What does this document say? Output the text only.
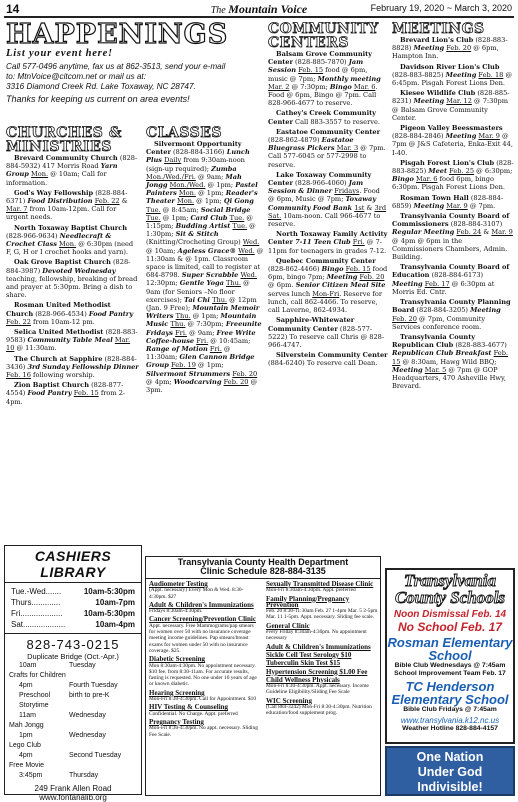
14	The Mountain Voice	February 19, 2020 ~ March 3, 2020
HAPPENINGS
List your event here!
Call 577-0496 anytime, fax us at 862-3513, send your e-mail
to: MtnVoice@citcom.net or mail us at:
3316 Diamond Creek Rd. Lake Toxaway, NC 28747.
Thanks for keeping us current on area events!
CHURCHES & MINISTRIES

Brevard Community Church (828-884-5932) 417 Morris Road Yarn Group Mon. @ 10am; Call for information.

God's Way Fellowship (828-884-6371) Food Distribution Feb. 22 & Mar. 7 from 10am-12pm. Call for urgent needs.

North Toxaway Baptist Church (828-966-9634) Needlecraft & Crochet Class Mon. @ 6:30pm (need F, G, H or I crochet hooks and yarn).

Oak Grove Baptist Church (828-884-3987) Devoted Wednesday teaching, fellowship, breaking of bread and prayer at 5:30pm. Bring a dish to share.

Rosman United Methodist Church (828-966-4534) Food Pantry Feb. 22 from 10am-12 pm.

Selica United Methodist (828-883-9583) Community Table Meal Mar. 10 @ 11:30am.

The Church at Sapphire (828-884-3436) 3rd Sunday Fellowship Dinner Feb. 16 following worship.

Zion Baptist Church (828-877-4554) Food Pantry Feb. 15 from 2-4pm.

CLASSES

Silvermont Opportunity Center (828-884-3166) Lunch Plus Daily from 9:30am-noon (sign-up required); Zumba Mon./Wed./Fri. @ 9am; Mah Jongg Mon./Wed. @ 1pm; Pastel Painters Mon. @ 1pm; Reader's Theater Mon. @ 1pm; Qi Gong Tue. @ 8:45am; Social Bridge Tue. @ 1pm; Card Club Tue. @ 1:15pm; Budding Artist Tue. @ 1:30pm; Sit & Stitch (Knitting/Crocheting Group) Wed. @ 10am; Ageless Grace® Wed. @ 11:30am & @ 1pm. Classroom space is limited, call to register at 684-8798. Super Scrabble Wed. 12:30pm; Gentle Yoga Thu. @ 9am (for Seniors –No floor exercises); Tai Chi Thu. @ 12pm (Jan. 9 Free); Mountain Memoir Writers Thu. @ 1pm; Mountain Music Thu. @ 7:30pm; Freeunite Fridays Fri. @ 9am; Free Write Coffee-house Fri. @ 10:45am; Range of Motion Fri. @ 11:30am; Glen Cannon Bridge Group Feb. 19 @ 1pm; Silvermont Strummers Feb. 20 @ 4pm; Woodcarving Feb. 20 @ 3pm.

COMMUNITY CENTERS

Balsam Grove Community Center (828-885-7870) Jam Session Feb. 15 food @ 6pm, music @ 7pm; Monthly meeting Mar. 2 @ 7:30pm; Bingo Mar. 6. Food @ 6pm, Bingo @ 7pm. Call 828-966-4677 to reserve.

Cathey's Creek Community Center Call 883-3557 to reserve.

Eastatoe Community Center (828-862-4879) Eastatoe Bluegrass Pickers Mar. 3 @ 7pm. Call 577-6045 or 577-2998 to reserve.

Lake Toxaway Community Center (828-966-4060) Jam Session & Dinner Fridays. Food @ 6pm, Music @ 7pm; Toxaway Community Food Bank 1st & 3rd Sat. 10am-noon. Call 966-4677 to reserve.

North Toxaway Family Activity Center 7-11 Teen Club Fri. @ 7-11pm for teenagers in grades 7-12.

Quebec Community Center (828-862-4466) Bingo Feb. 15 food 6pm, bingo 7pm; Meeting Feb. 20 @ 6pm. Senior Citizen Meal Site serves lunch Mon-Fri. Reserve for lunch, call 862-4466. To reserve, call Laverne, 862-4934.

Sapphire-Whitewater Community Center (828-577-5222) To reserve call Chris @ 828-966-4747.

Silverstein Community Center (884-6240) To reserve call Dean.

MEETINGS

Brevard Lion's Club (828-883-8828) Meeting Feb. 20 @ 6pm, Hampton Inn.

Davidson River Lion's Club (828-883-8825) Meeting Feb. 18 @ 6:45pm. Pisgah Forest Lions Den.

Kiesee Wildlife Club (828-885-8231) Meeting Mar. 12 @ 7:30pm @ Balsam Grove Community Center.

Pigeon Valley Beessmasters (828-884-2846) Meeting Mar. 9 @ 7pm @ J&S Cafeteria, Enka-Exit 44, I-40.

Pisgah Forest Lion's Club (828-883-8825) Meet Feb. 25 @ 6:30pm; Bingo Mar. 6 food 6pm, bingo 6:30pm. Pisgah Forest Lions Den.

Rosman Town Hall (828-884-6859) Meeting Mar. 9 @ 7pm.

Transylvania County Board of Commissioners (828-884-3107) Regular Meeting Feb. 24 & Mar. 9 @ 4pm @ 6pm in the Commissioners Chambers, Admin. Building.

Transylvania County Board of Education (828-884-6173) Meeting Feb. 17 @ 6:30pm at Morris Ed. Cntr.

Transylvania County Planning Board (828-884-3205) Meeting Feb. 20 @ 7pm, Community Services conference room.

Transylvania County Republican Club (828-883-4677) Republican Club Breakfast Feb. 15 @ 8:30am, Hawg Wild BBQ; Meeting Mar. 5 @ 7pm @ GOP Headquarters, 470 Asheville Hwy, Brevard.

CASHIERS LIBRARY
Tue.-Wed.......	10am-5:30pm
Thurs.............	10am-7pm
Fri...................	10am-5:30pm
Sat...................	10am-4pm
828-743-0215
Duplicate Bridge (Oct.-Apr.)
10am	Tuesday
Crafts for Children
4pm	Fourth Tuesday
Preschool Storytime
birth to pre-K
11am	Wednesday
Mah Jongg
1pm	Wednesday
Lego Club
4pm	Second Tuesday
Free Movie
3:45pm	Thursday
249 Frank Allen Road
www.fontanalib.org
Transylvania County Health Department
Clinic Schedule 828-884-3135

Audiometer Testing
(Appt. necessary) Every Mon & Wed. 8:30-4:30pm. $27

Adult & Children's Immunizations
Fridays 8:30am-4:30pm.

Cancer Screening/Prevention Clinic
Appt. necessary. Free Mammograms/pap smears for women over 50 with no insurance coverage meeting income guidelines. Pap smears/breast exams for women under 50 with no insurance coverage. $25.

Diabetic Screening
Mon 8:30am-4:30pm. No appointment necessary. $10 fee. from 8:30-11am. For accurate results, fasting is requested. No one under 16 years of age or known diabetic.

Hearing Screening
Mon-Fri 8:30-4:30pm. Call for Appointment. $10

HIV Testing & Counseling
Confidential. No Charge. Appt. preferred

Pregnancy Testing
Mon-Fri 8:30-4:30pm. No appt. necessary. Sliding Fee Scale.

Sexually Transmitted Disease Clinic
Mon-Fri 8:30am-4:30pm. Appt. preferred

Family Planning/Pregnancy Prevention
Feb. 20 8:30-11:30am Feb. 27 1-4pm Mar. 5 2-5pm Mar. 11 1-5pm. Appt. necessary. Sliding fee scale.

General Clinic
every Friday 8:30am-4:30pm. No appointment necessary

Adult & Children's Immunizations

Sickle Cell Test Serology $10

Tuberculin Skin Test $15

Hypertension Screening $1.00 Fee

Child Wellness Physicals
Mon-Fri 8:30-4:30pm. Appt. necessary. Income Guideline Eligibility/Sliding Fee Scale

WIC Screening
(Call 884-3242) Mon-Fri 8:30-4:30pm. Nutrition education/food supplement prog.

Transylvania County Schools
Noon Dismissal Feb. 14
No School Feb. 17
Rosman Elementary School
Bible Club Wednesdays @ 7:45am
School Improvement Team Feb. 17
TC Henderson Elementary School
Bible Club Fridays @ 7:45am
www.transylvania.k12.nc.us
Weather Hotline 828-884-4157
One Nation
Under God
Indivisible!
